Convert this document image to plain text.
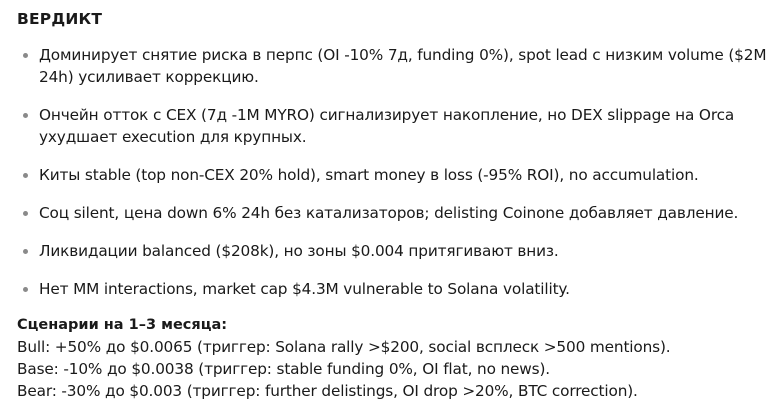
ВЕРДИКТ
Доминирует снятие риска в перпс (OI -10% 7д, funding 0%), spot lead с низким volume ($2M 24h) усиливает коррекцию.
Ончейн отток с CEX (7д -1M MYRO) сигнализирует накопление, но DEX slippage на Orca ухудшает execution для крупных.
Киты stable (top non-CEX 20% hold), smart money в loss (-95% ROI), no accumulation.
Соц silent, цена down 6% 24h без катализаторов; delisting Coinone добавляет давление.
Ликвидации balanced ($208k), но зоны $0.004 притягивают вниз.
Нет MM interactions, market cap $4.3M vulnerable to Solana volatility.

Сценарии на 1–3 месяца:

Bull: +50% до $0.0065 (триггер: Solana rally >$200, social всплеск >500 mentions).

Base: -10% до $0.0038 (триггер: stable funding 0%, OI flat, no news).

Bear: -30% до $0.003 (триггер: further delistings, OI drop >20%, BTC correction).
